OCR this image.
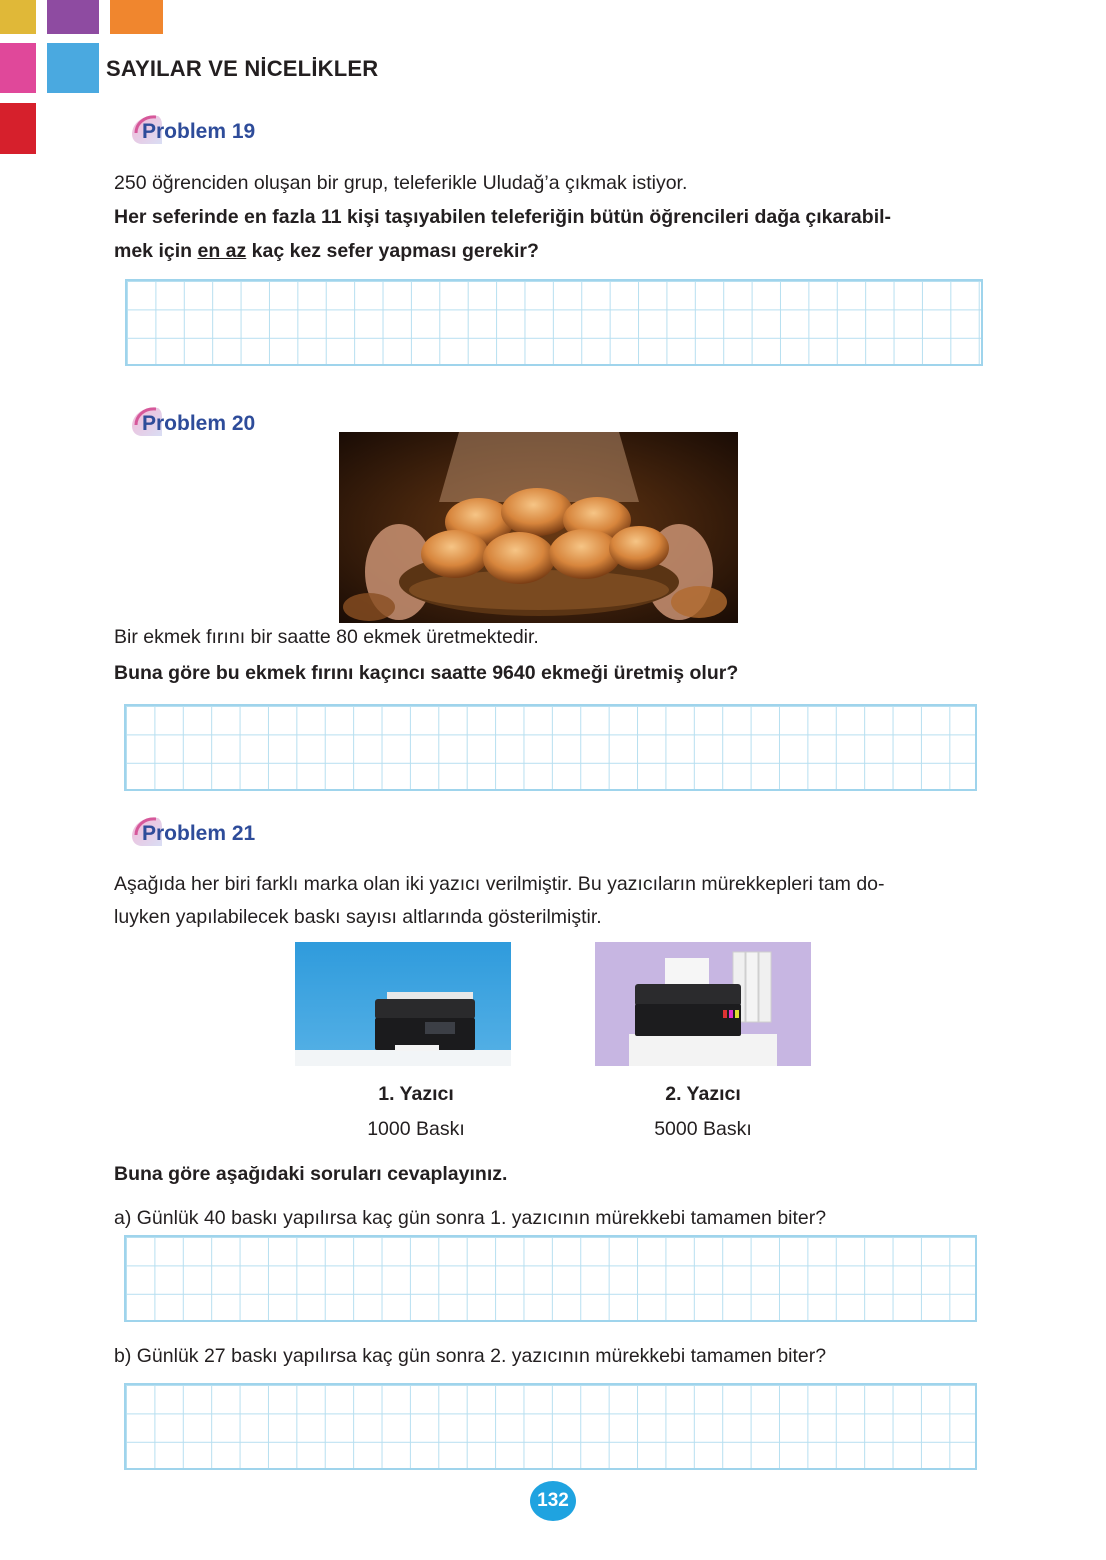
SAYILAR VE NİCELİKLER
Problem 19
250 öğrenciden oluşan bir grup, teleferikle Uludağ’a çıkmak istiyor.
Her seferinde en fazla 11 kişi taşıyabilen teleferiğin bütün öğrencileri dağa çıkarabil-
mek için en az kaç kez sefer yapması gerekir?
Problem 20
Bir ekmek fırını bir saatte 80 ekmek üretmektedir.
Buna göre bu ekmek fırını kaçıncı saatte 9640 ekmeği üretmiş olur?
Problem 21
Aşağıda her biri farklı marka olan iki yazıcı verilmiştir. Bu yazıcıların mürekkepleri tam do-
luyken yapılabilecek baskı sayısı altlarında gösterilmiştir.
1. Yazıcı
1000 Baskı
2. Yazıcı
5000 Baskı
Buna göre aşağıdaki soruları cevaplayınız.
a) Günlük 40 baskı yapılırsa kaç gün sonra 1. yazıcının mürekkebi tamamen biter?
b) Günlük 27 baskı yapılırsa kaç gün sonra 2. yazıcının mürekkebi tamamen biter?
132
